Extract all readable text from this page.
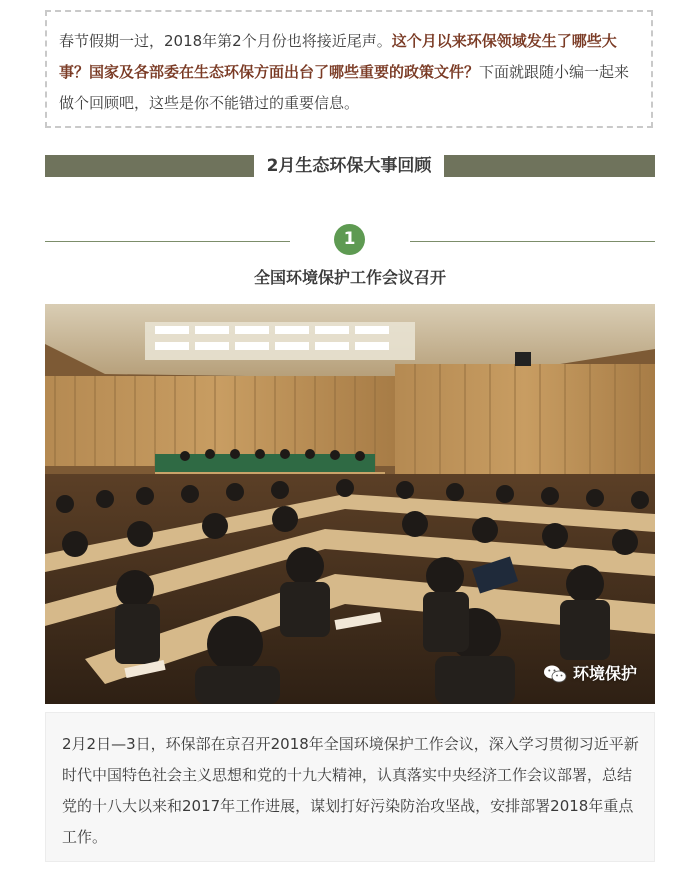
春节假期一过，2018年第2个月份也将接近尾声。这个月以来环保领域发生了哪些大事？国家及各部委在生态环保方面出台了哪些重要的政策文件？下面就跟随小编一起来做个回顾吧，这些是你不能错过的重要信息。
2月生态环保大事回顾
1
全国环境保护工作会议召开
环境保护
2月2日—3日，环保部在京召开2018年全国环境保护工作会议，深入学习贯彻习近平新时代中国特色社会主义思想和党的十九大精神，认真落实中央经济工作会议部署，总结党的十八大以来和2017年工作进展，谋划打好污染防治攻坚战，安排部署2018年重点工作。
